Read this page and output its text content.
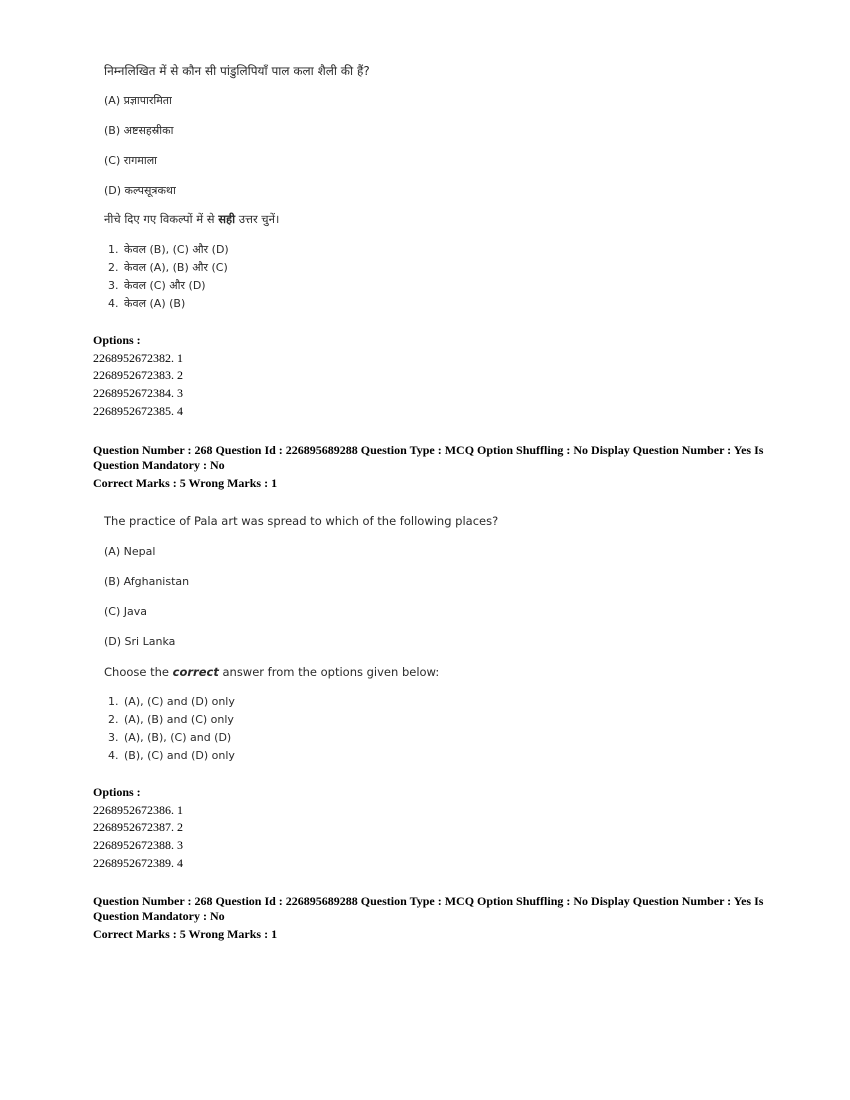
निम्नलिखित में से कौन सी पांडुलिपियाँ पाल कला शैली की हैं?
(A) प्रज्ञापारमिता
(B) अष्टसहस्रीका
(C) रागमाला
(D) कल्पसूत्रकथा
नीचे दिए गए विकल्पों में से सही उत्तर चुनें।
1. केवल (B), (C) और (D)
2. केवल (A), (B) और (C)
3. केवल (C) और (D)
4. केवल (A) (B)
Options :
2268952672382. 1
2268952672383. 2
2268952672384. 3
2268952672385. 4
Question Number : 268 Question Id : 226895689288 Question Type : MCQ Option Shuffling : No Display Question Number : Yes Is Question Mandatory : No
Correct Marks : 5 Wrong Marks : 1
The practice of Pala art was spread to which of the following places?
(A) Nepal
(B) Afghanistan
(C) Java
(D) Sri Lanka
Choose the correct answer from the options given below:
1. (A), (C) and (D) only
2. (A), (B) and (C) only
3. (A), (B), (C) and (D)
4. (B), (C) and (D) only
Options :
2268952672386. 1
2268952672387. 2
2268952672388. 3
2268952672389. 4
Question Number : 268 Question Id : 226895689288 Question Type : MCQ Option Shuffling : No Display Question Number : Yes Is Question Mandatory : No
Correct Marks : 5 Wrong Marks : 1
